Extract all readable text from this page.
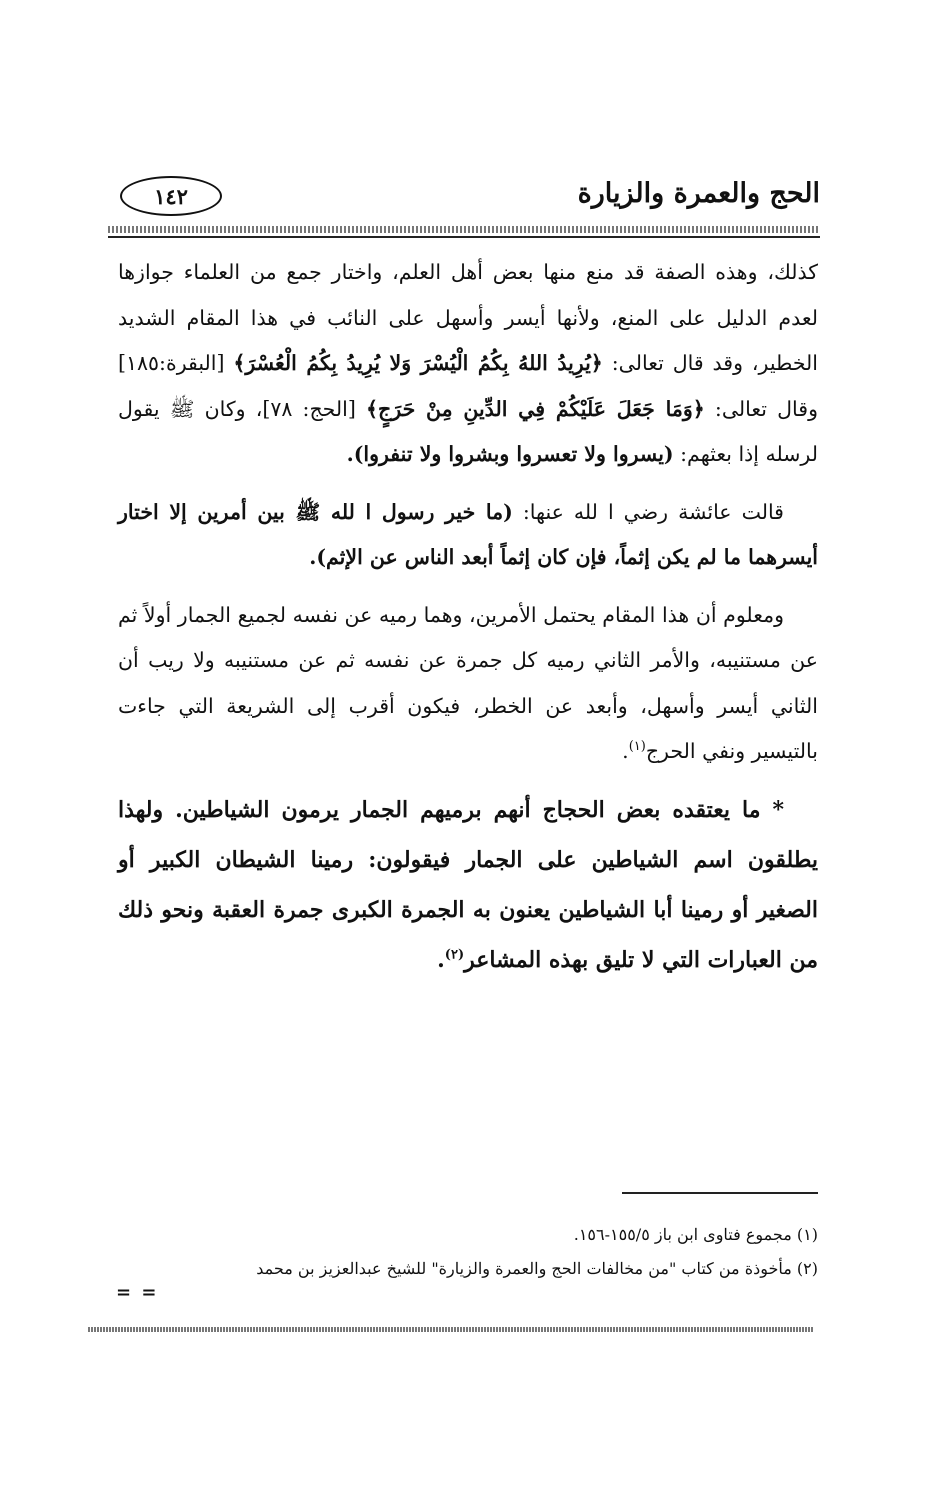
الحج والعمرة والزيارة
١٤٢

كذلك، وهذه الصفة قد منع منها بعض أهل العلم، واختار جمع من العلماء جوازها لعدم الدليل على المنع، ولأنها أيسر وأسهل على النائب في هذا المقام الشديد الخطير، وقد قال تعالى: ﴿يُرِيدُ اللهُ بِكُمُ الْيُسْرَ وَلا يُرِيدُ بِكُمُ الْعُسْرَ﴾ [البقرة:١٨٥] وقال تعالى: ﴿وَمَا جَعَلَ عَلَيْكُمْ فِي الدِّينِ مِنْ حَرَجٍ﴾ [الحج: ٧٨]، وكان ﷺ يقول لرسله إذا بعثهم: (يسروا ولا تعسروا وبشروا ولا تنفروا).

قالت عائشة رضي ا لله عنها: (ما خير رسول ا لله ﷺ بين أمرين إلا اختار أيسرهما ما لم يكن إثماً، فإن كان إثماً أبعد الناس عن الإثم).

ومعلوم أن هذا المقام يحتمل الأمرين، وهما رميه عن نفسه لجميع الجمار أولاً ثم عن مستنيبه، والأمر الثاني رميه كل جمرة عن نفسه ثم عن مستنيبه ولا ريب أن الثاني أيسر وأسهل، وأبعد عن الخطر، فيكون أقرب إلى الشريعة التي جاءت بالتيسير ونفي الحرج$^{(١)}$.

* ما يعتقده بعض الحجاج أنهم برميهم الجمار يرمون الشياطين. ولهذا يطلقون اسم الشياطين على الجمار فيقولون: رمينا الشيطان الكبير أو الصغير أو رمينا أبا الشياطين يعنون به الجمرة الكبرى جمرة العقبة ونحو ذلك من العبارات التي لا تليق بهذه المشاعر$^{(٢)}$.

(١) مجموع فتاوى ابن باز ١٥٥/٥-١٥٦.

(٢) مأخوذة من كتاب "من مخالفات الحج والعمرة والزيارة" للشيخ عبدالعزيز بن محمد

= =
